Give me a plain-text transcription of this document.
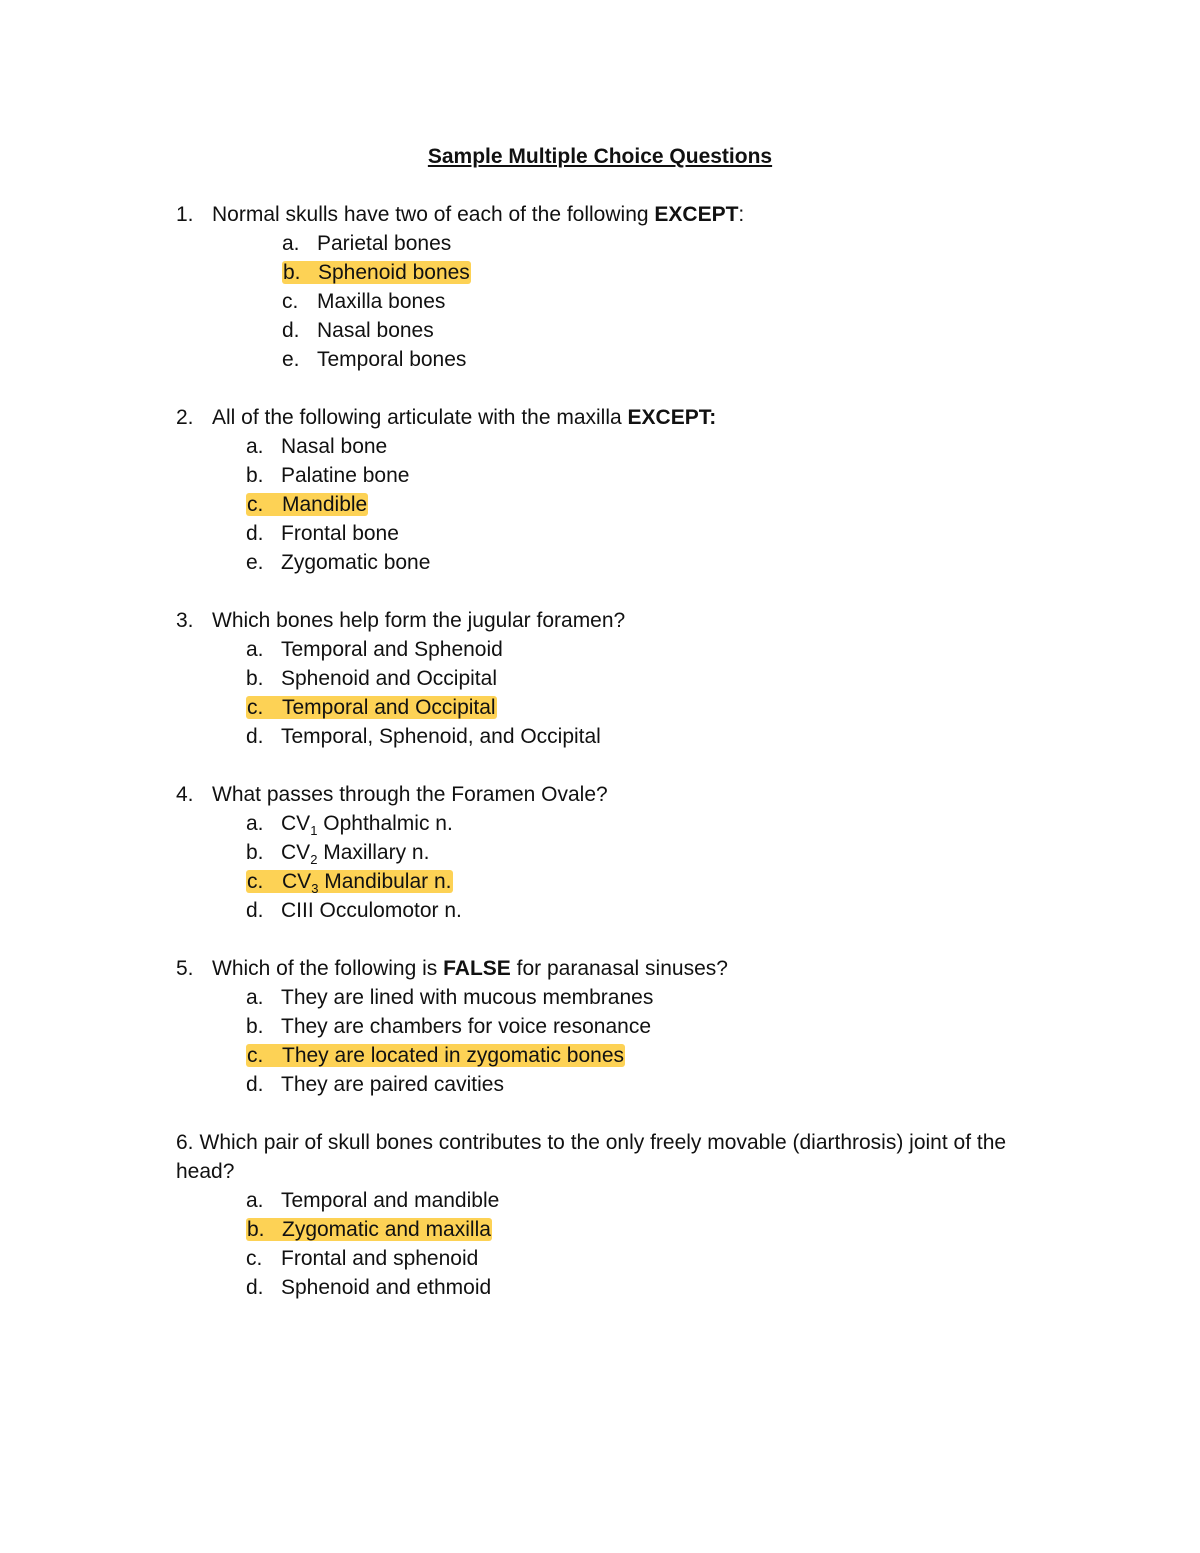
Sample Multiple Choice Questions
1. Normal skulls have two of each of the following EXCEPT:
a. Parietal bones
b. Sphenoid bones
c. Maxilla bones
d. Nasal bones
e. Temporal bones
2. All of the following articulate with the maxilla EXCEPT:
a. Nasal bone
b. Palatine bone
c. Mandible
d. Frontal bone
e. Zygomatic bone
3. Which bones help form the jugular foramen?
a. Temporal and Sphenoid
b. Sphenoid and Occipital
c. Temporal and Occipital
d. Temporal, Sphenoid, and Occipital
4. What passes through the Foramen Ovale?
a. $CV_1$ Ophthalmic n.
b. $CV_2$ Maxillary n.
c. $CV_3$ Mandibular n.
d. CIII Occulomotor n.
5. Which of the following is FALSE for paranasal sinuses?
a. They are lined with mucous membranes
b. They are chambers for voice resonance
c. They are located in zygomatic bones
d. They are paired cavities
6. Which pair of skull bones contributes to the only freely movable (diarthrosis) joint of the head?
a. Temporal and mandible
b. Zygomatic and maxilla
c. Frontal and sphenoid
d. Sphenoid and ethmoid
